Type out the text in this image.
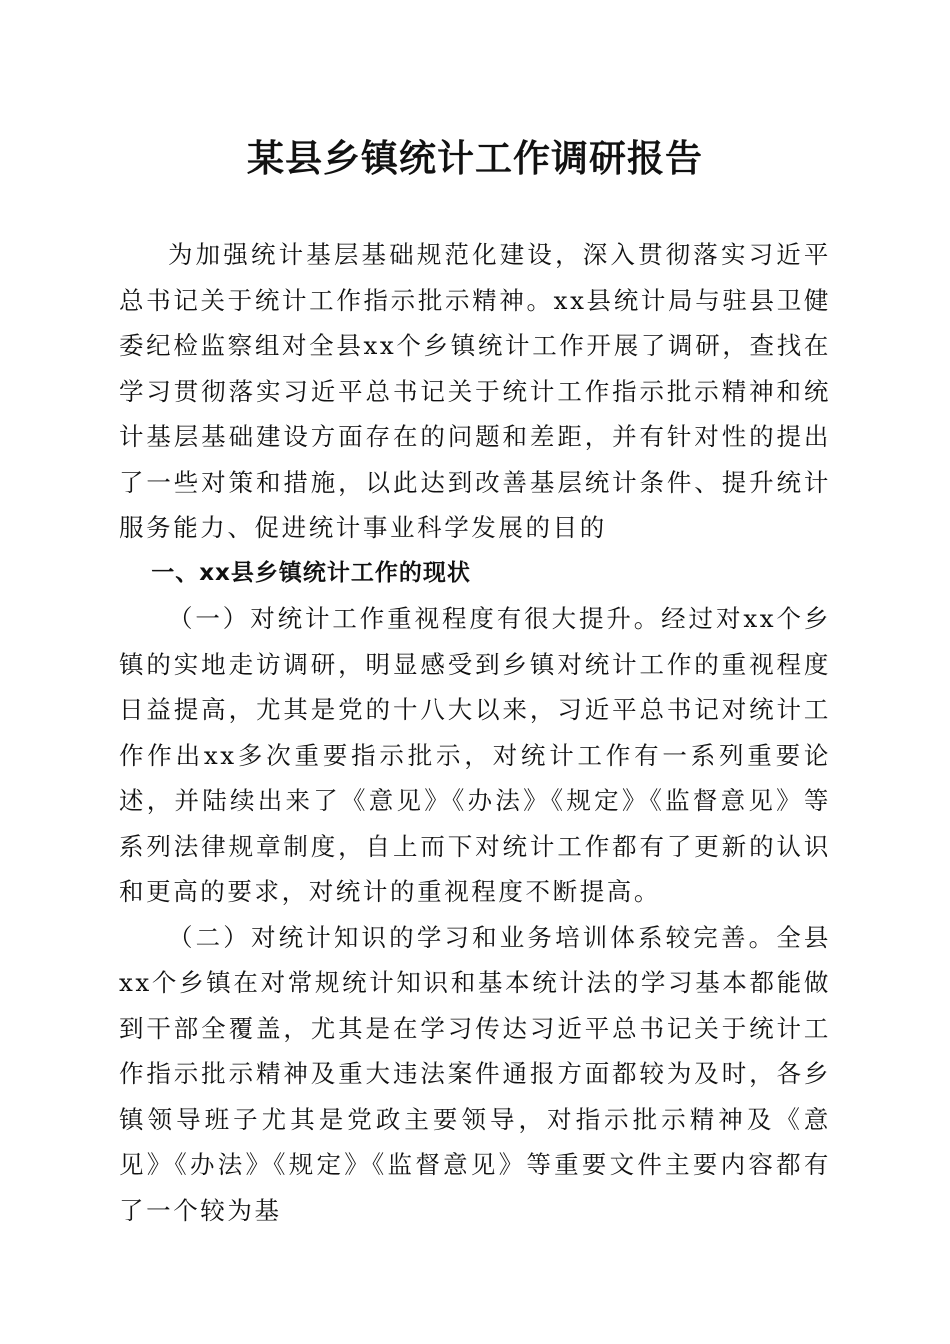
某县乡镇统计工作调研报告

为加强统计基层基础规范化建设，深入贯彻落实习近平总书记关于统计工作指示批示精神。xx县统计局与驻县卫健委纪检监察组对全县xx个乡镇统计工作开展了调研，查找在学习贯彻落实习近平总书记关于统计工作指示批示精神和统计基层基础建设方面存在的问题和差距，并有针对性的提出了一些对策和措施，以此达到改善基层统计条件、提升统计服务能力、促进统计事业科学发展的目的

一、xx县乡镇统计工作的现状

（一）对统计工作重视程度有很大提升。经过对xx个乡镇的实地走访调研，明显感受到乡镇对统计工作的重视程度日益提高，尤其是党的十八大以来，习近平总书记对统计工作作出xx多次重要指示批示，对统计工作有一系列重要论述，并陆续出来了《意见》《办法》《规定》《监督意见》等系列法律规章制度，自上而下对统计工作都有了更新的认识和更高的要求，对统计的重视程度不断提高。

（二）对统计知识的学习和业务培训体系较完善。全县xx个乡镇在对常规统计知识和基本统计法的学习基本都能做到干部全覆盖，尤其是在学习传达习近平总书记关于统计工作指示批示精神及重大违法案件通报方面都较为及时，各乡镇领导班子尤其是党政主要领导，对指示批示精神及《意见》《办法》《规定》《监督意见》等重要文件主要内容都有了一个较为基
